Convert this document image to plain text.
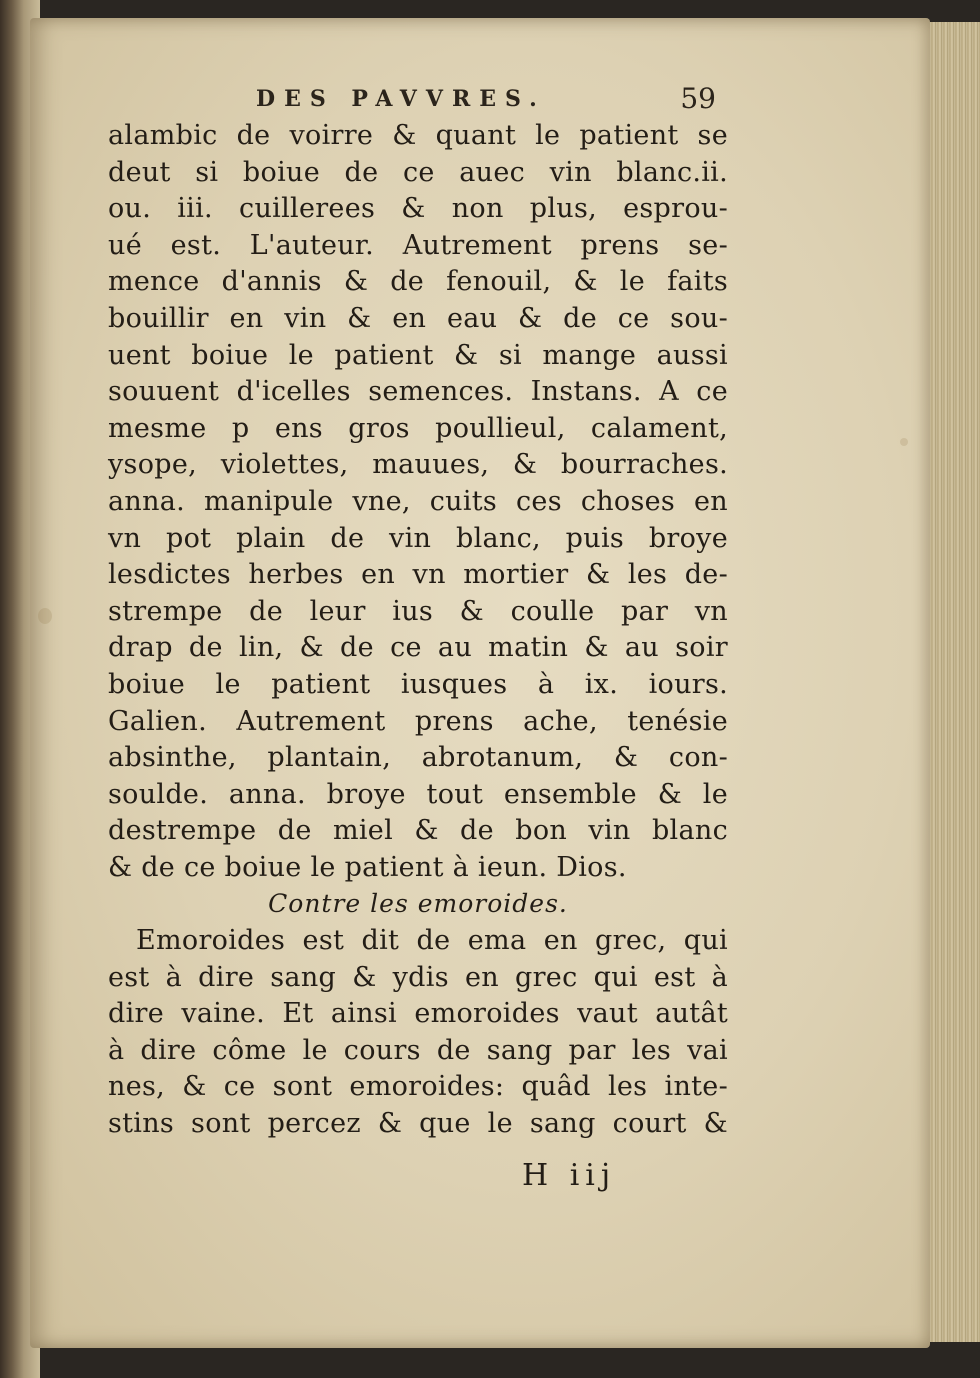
DES PAVVRES.	59
alambic de voirre & quant le patient se
deut si boiue de ce auec vin blanc.ii.
ou. iii. cuillerees & non plus, esprou-
ué est. L'auteur. Autrement prens se-
mence d'annis & de fenouil, & le faits
bouillir en vin & en eau & de ce sou-
uent boiue le patient & si mange aussi
souuent d'icelles semences. Instans. A ce
mesme p ens gros poullieul, calament,
ysope, violettes, mauues, & bourraches.
anna. manipule vne, cuits ces choses en
vn pot plain de vin blanc, puis broye
lesdictes herbes en vn mortier & les de-
strempe de leur ius & coulle par vn
drap de lin, & de ce au matin & au soir
boiue le patient iusques à ix. iours.
Galien. Autrement prens ache, tenésie
absinthe, plantain, abrotanum, & con-
soulde. anna. broye tout ensemble & le
destrempe de miel & de bon vin blanc
& de ce boiue le patient à ieun. Dios.
Contre les emoroides.
Emoroides est dit de ema en grec, qui
est à dire sang & ydis en grec qui est à
dire vaine. Et ainsi emoroides vaut autât
à dire côme le cours de sang par les vai
nes, & ce sont emoroides: quâd les inte-
stins sont percez & que le sang court &
H iij
